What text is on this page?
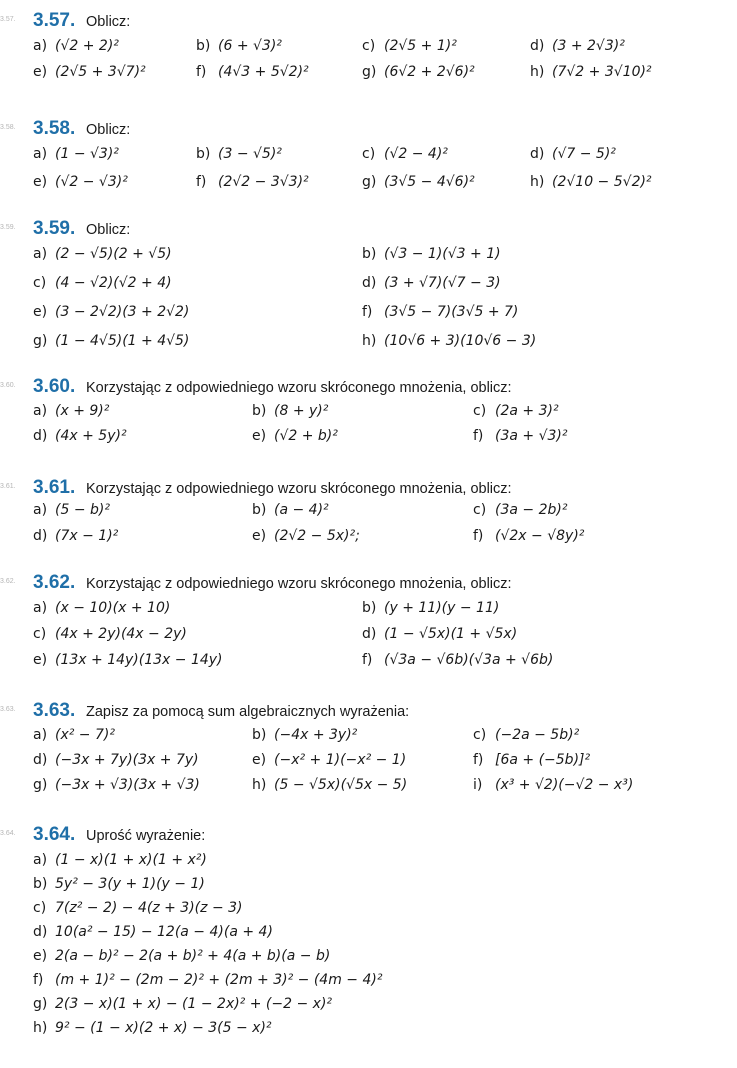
3.57. 3.57. Oblicz:
a) (√2 + 2)²	b) (6 + √3)²	c) (2√5 + 1)²	d) (3 + 2√3)²
e) (2√5 + 3√7)²	f) (4√3 + 5√2)²	g) (6√2 + 2√6)²	h) (7√2 + 3√10)²
3.58. 3.58. Oblicz:
a) (1 − √3)²	b) (3 − √5)²	c) (√2 − 4)²	d) (√7 − 5)²
e) (√2 − √3)²	f) (2√2 − 3√3)²	g) (3√5 − 4√6)²	h) (2√10 − 5√2)²
3.59. 3.59. Oblicz:
a) (2 − √5)(2 + √5)	b) (√3 − 1)(√3 + 1)
c) (4 − √2)(√2 + 4)	d) (3 + √7)(√7 − 3)
e) (3 − 2√2)(3 + 2√2)	f) (3√5 − 7)(3√5 + 7)
g) (1 − 4√5)(1 + 4√5)	h) (10√6 + 3)(10√6 − 3)
3.60. 3.60. Korzystając z odpowiedniego wzoru skróconego mnożenia, oblicz:
a) (x + 9)²	b) (8 + y)²	c) (2a + 3)²
d) (4x + 5y)²	e) (√2 + b)²	f) (3a + √3)²
3.61. 3.61. Korzystając z odpowiedniego wzoru skróconego mnożenia, oblicz:
a) (5 − b)²	b) (a − 4)²	c) (3a − 2b)²
d) (7x − 1)²	e) (2√2 − 5x)²;	f) (√2x − √8y)²
3.62. 3.62. Korzystając z odpowiedniego wzoru skróconego mnożenia, oblicz:
a) (x − 10)(x + 10)	b) (y + 11)(y − 11)
c) (4x + 2y)(4x − 2y)	d) (1 − √5x)(1 + √5x)
e) (13x + 14y)(13x − 14y)	f) (√3a − √6b)(√3a + √6b)
3.63. 3.63. Zapisz za pomocą sum algebraicznych wyrażenia:
a) (x² − 7)²	b) (−4x + 3y)²	c) (−2a − 5b)²
d) (−3x + 7y)(3x + 7y)	e) (−x² + 1)(−x² − 1)	f) [6a + (−5b)]²
g) (−3x + √3)(3x + √3)	h) (5 − √5x)(√5x − 5)	i) (x³ + √2)(−√2 − x³)
3.64. 3.64. Uprość wyrażenie:
a) (1 − x)(1 + x)(1 + x²)
b) 5y² − 3(y + 1)(y − 1)
c) 7(z² − 2) − 4(z + 3)(z − 3)
d) 10(a² − 15) − 12(a − 4)(a + 4)
e) 2(a − b)² − 2(a + b)² + 4(a + b)(a − b)
f) (m + 1)² − (2m − 2)² + (2m + 3)² − (4m − 4)²
g) 2(3 − x)(1 + x) − (1 − 2x)² + (−2 − x)²
h) 9² − (1 − x)(2 + x) − 3(5 − x)²
